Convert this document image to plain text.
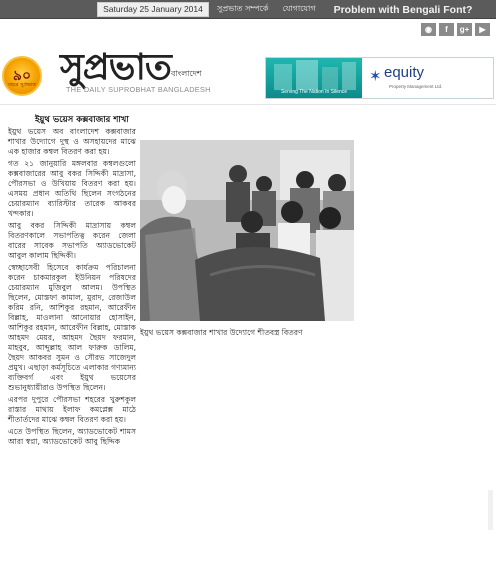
Saturday 25 January 2014	সুপ্রভাত সম্পর্কে যোগাযোগ Problem with Bengali Font?
◉	f	g+	▶
৯০
বছরে সুপ্রভাত সুপ্রভাত বাংলাদেশ
THE DAILY SUPROBHAT BANGLADESH	Serving The Nation In Silence
✶ equity
Property Management Ltd.
ইয়ুথ ভয়েস কক্সবাজার শাখা

ইয়ুথ ভয়েস অব বাংলাদেশ কক্সবাজার শাখার উদ্যোগে দুস্থ ও অসহায়দের মাঝে এক হাজার কম্বল বিতরণ করা হয়।

গত ২১ জানুয়ারি মঙ্গলবার কম্বলগুলো কক্সবাজারের আবু বকর সিদ্দিকী মাদ্রাসা, পৌরসভা ও উখিয়ায় বিতরণ করা হয়। এসময় প্রধান অতিথি ছিলেন সংগঠনের চেয়ারম্যান ব্যারিস্টার তারেক আকবর খন্দকার।

আবু বকর সিদ্দিকী মাদ্রাসায় কম্বল বিতরণকালে সভাপতিত্ব করেন জেলা বারের সাবেক সভাপতি অ্যাডভোকেট আবুল কালাম ছিদ্দিকী।

স্বেচ্ছাসেবী হিসেবে কার্যক্রম পরিচালনা করেন চাকমারকুল ইউনিয়ন পরিষদের চেয়ারম্যান মুজিবুল আলম। উপস্থিত ছিলেন, মোস্তফা কামাল, মুরাদ, রেজাউল করিম রনি, আশিকুর রহমান, আরেফীন বিল্লাহ, মাওলানা আনোয়ার হোসাইন, আশিকুর রহমান, আরেফীন বিল্লাহ, মোস্তাক আহমদ মেয়র, আহমদ ছৈয়দ ফরমান, মাহবুব, আব্দুল্লাহ আল ফারুক ডালিম, ছৈয়দ আকবর সুমন ও সৌরভ সাজেদুল প্রমুখ। এছাড়া কর্মসূচিতে এলাকার গণ্যমান্য ব্যক্তিবর্গ এবং ইয়ুথ ভয়েসের শুভানুধ্যায়ীরাও উপস্থিত ছিলেন।

এরপর দুপুরে পৌরসভা শহরের খুরুশকুল রাস্তার মাথায় ইলাফ কমপ্লেক্স মাঠে শীতার্তদের মাঝে কম্বল বিতরণ করা হয়।

এতে উপস্থিত ছিলেন, অ্যাডভোকেট শামস আরা স্বপ্না, অ্যাডভোকেট আবু ছিদ্দিক

ইয়ুথ ভয়েস কক্সবাজার শাখার উদ্যোগে শীতবস্ত্র বিতরণ
